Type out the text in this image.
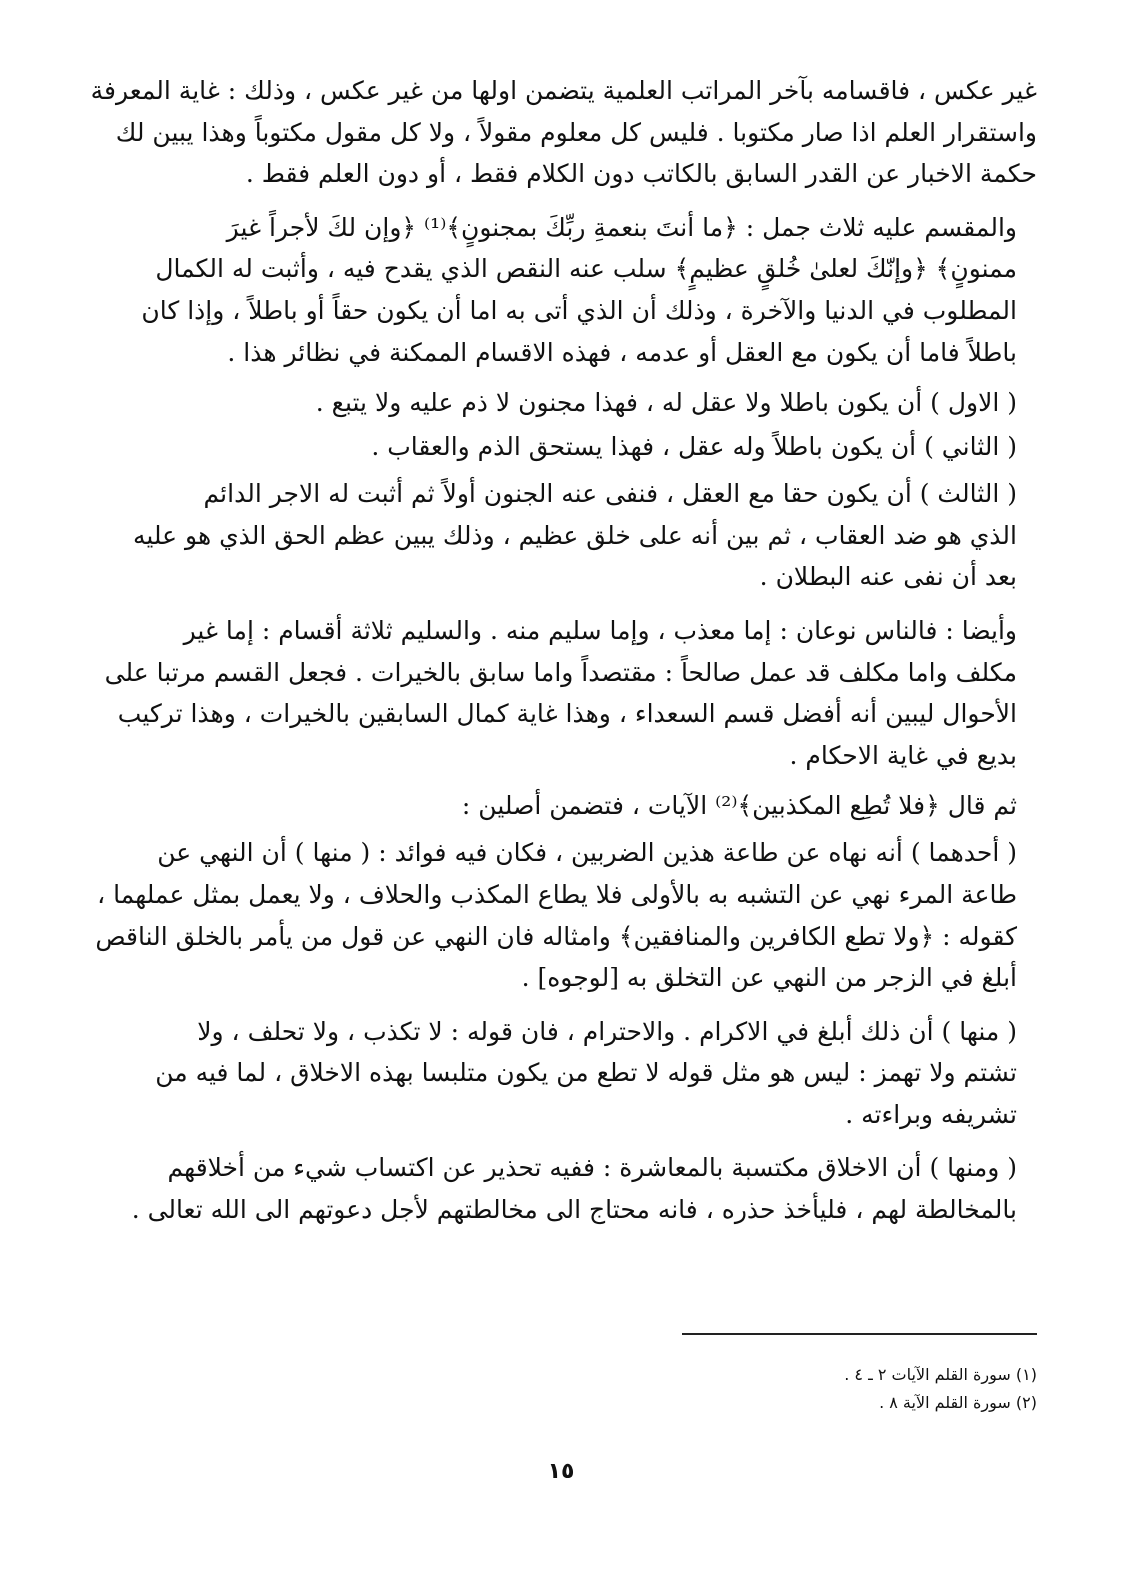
غير عكس ، فاقسامه بآخر المراتب العلمية يتضمن اولها من غير عكس ، وذلك : غاية المعرفة
واستقرار العلم اذا صار مكتوبا . فليس كل معلوم مقولاً ، ولا كل مقول مكتوباً وهذا يبين لك
حكمة الاخبار عن القدر السابق بالكاتب دون الكلام فقط ، أو دون العلم فقط .

والمقسم عليه ثلاث جمل : ﴿ما أنتَ بنعمةِ ربِّكَ بمجنونٍ﴾⁽¹⁾ ﴿وإن لكَ لأجراً غيرَ
ممنونٍ﴾ ﴿وإنّكَ لعلىٰ خُلقٍ عظيمٍ﴾ سلب عنه النقص الذي يقدح فيه ، وأثبت له الكمال
المطلوب في الدنيا والآخرة ، وذلك أن الذي أتى به اما أن يكون حقاً أو باطلاً ، وإذا كان
باطلاً فاما أن يكون مع العقل أو عدمه ، فهذه الاقسام الممكنة في نظائر هذا .

( الاول ) أن يكون باطلا ولا عقل له ، فهذا مجنون لا ذم عليه ولا يتبع .

( الثاني ) أن يكون باطلاً وله عقل ، فهذا يستحق الذم والعقاب .

( الثالث ) أن يكون حقا مع العقل ، فنفى عنه الجنون أولاً ثم أثبت له الاجر الدائم
الذي هو ضد العقاب ، ثم بين أنه على خلق عظيم ، وذلك يبين عظم الحق الذي هو عليه
بعد أن نفى عنه البطلان .

وأيضا : فالناس نوعان : إما معذب ، وإما سليم منه . والسليم ثلاثة أقسام : إما غير
مكلف واما مكلف قد عمل صالحاً : مقتصداً واما سابق بالخيرات . فجعل القسم مرتبا على
الأحوال ليبين أنه أفضل قسم السعداء ، وهذا غاية كمال السابقين بالخيرات ، وهذا تركيب
بديع في غاية الاحكام .

ثم قال ﴿فلا تُطِع المكذبين﴾⁽²⁾ الآيات ، فتضمن أصلين :

( أحدهما ) أنه نهاه عن طاعة هذين الضربين ، فكان فيه فوائد : ( منها ) أن النهي عن
طاعة المرء نهي عن التشبه به بالأولى فلا يطاع المكذب والحلاف ، ولا يعمل بمثل عملهما ،
كقوله : ﴿ولا تطع الكافرين والمنافقين﴾ وامثاله فان النهي عن قول من يأمر بالخلق الناقص
أبلغ في الزجر من النهي عن التخلق به [لوجوه] .

( منها ) أن ذلك أبلغ في الاكرام . والاحترام ، فان قوله : لا تكذب ، ولا تحلف ، ولا
تشتم ولا تهمز : ليس هو مثل قوله لا تطع من يكون متلبسا بهذه الاخلاق ، لما فيه من
تشريفه وبراءته .

( ومنها ) أن الاخلاق مكتسبة بالمعاشرة : ففيه تحذير عن اكتساب شيء من أخلاقهم
بالمخالطة لهم ، فليأخذ حذره ، فانه محتاج الى مخالطتهم لأجل دعوتهم الى الله تعالى .

(١) سورة القلم الآيات ٢ ـ ٤ .
(٢) سورة القلم الآية ٨ .
١٥
